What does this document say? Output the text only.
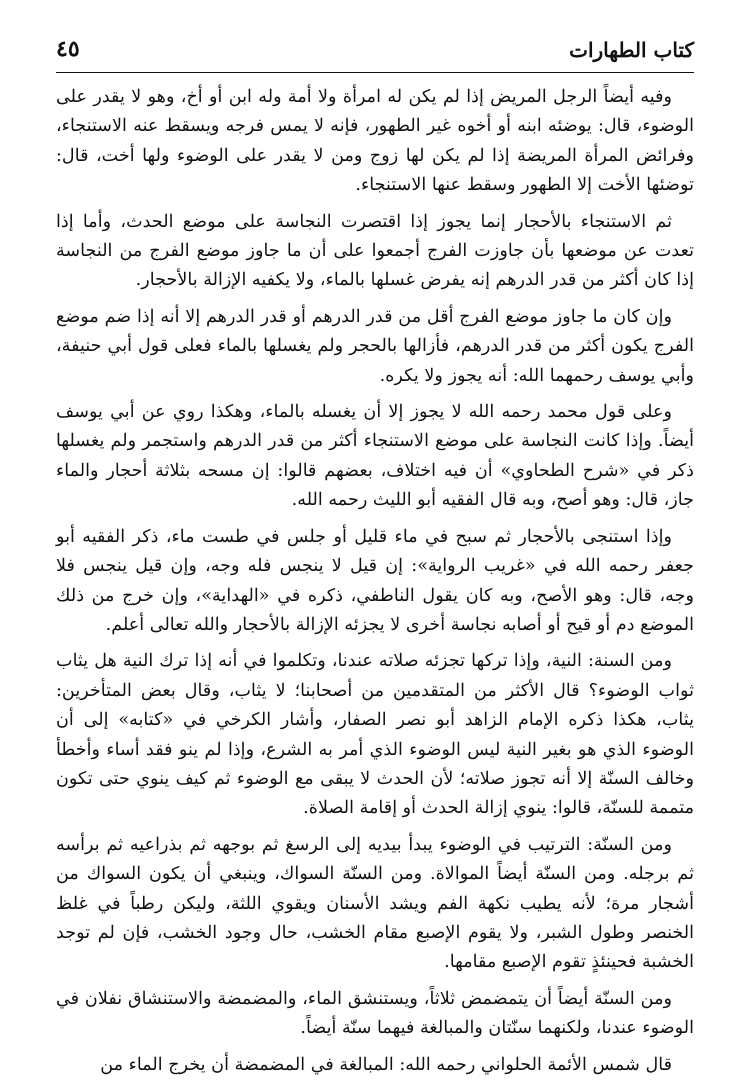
كتاب الطهارات
٤٥

وفيه أيضاً الرجل المريض إذا لم يكن له امرأة ولا أمة وله ابن أو أخ، وهو لا يقدر على الوضوء، قال: يوضئه ابنه أو أخوه غير الطهور، فإنه لا يمس فرجه ويسقط عنه الاستنجاء، وفرائض المرأة المريضة إذا لم يكن لها زوج ومن لا يقدر على الوضوء ولها أخت، قال: توضئها الأخت إلا الطهور وسقط عنها الاستنجاء.

ثم الاستنجاء بالأحجار إنما يجوز إذا اقتصرت النجاسة على موضع الحدث، وأما إذا تعدت عن موضعها بأن جاوزت الفرج أجمعوا على أن ما جاوز موضع الفرج من النجاسة إذا كان أكثر من قدر الدرهم إنه يفرض غسلها بالماء، ولا يكفيه الإزالة بالأحجار.

وإن كان ما جاوز موضع الفرج أقل من قدر الدرهم أو قدر الدرهم إلا أنه إذا ضم موضع الفرج يكون أكثر من قدر الدرهم، فأزالها بالحجر ولم يغسلها بالماء فعلى قول أبي حنيفة، وأبي يوسف رحمهما الله: أنه يجوز ولا يكره.

وعلى قول محمد رحمه الله لا يجوز إلا أن يغسله بالماء، وهكذا روي عن أبي يوسف أيضاً. وإذا كانت النجاسة على موضع الاستنجاء أكثر من قدر الدرهم واستجمر ولم يغسلها ذكر في «شرح الطحاوي» أن فيه اختلاف، بعضهم قالوا: إن مسحه بثلاثة أحجار والماء جاز، قال: وهو أصح، وبه قال الفقيه أبو الليث رحمه الله.

وإذا استنجى بالأحجار ثم سبح في ماء قليل أو جلس في طست ماء، ذكر الفقيه أبو جعفر رحمه الله في «غريب الرواية»: إن قيل لا ينجس فله وجه، وإن قيل ينجس فلا وجه، قال: وهو الأصح، وبه كان يقول الناطفي، ذكره في «الهداية»، وإن خرج من ذلك الموضع دم أو قيح أو أصابه نجاسة أخرى لا يجزئه الإزالة بالأحجار والله تعالى أعلم.

ومن السنة: النية، وإذا تركها تجزئه صلاته عندنا، وتكلموا في أنه إذا ترك النية هل يثاب ثواب الوضوء؟ قال الأكثر من المتقدمين من أصحابنا؛ لا يثاب، وقال بعض المتأخرين: يثاب، هكذا ذكره الإمام الزاهد أبو نصر الصفار، وأشار الكرخي في «كتابه» إلى أن الوضوء الذي هو بغير النية ليس الوضوء الذي أمر به الشرع، وإذا لم ينو فقد أساء وأخطأ وخالف السنّة إلا أنه تجوز صلاته؛ لأن الحدث لا يبقى مع الوضوء ثم كيف ينوي حتى تكون متممة للسنّة، قالوا: ينوي إزالة الحدث أو إقامة الصلاة.

ومن السنّة: الترتيب في الوضوء يبدأ بيديه إلى الرسغ ثم بوجهه ثم بذراعيه ثم برأسه ثم برجله. ومن السنّة أيضاً الموالاة. ومن السنّة السواك، وينبغي أن يكون السواك من أشجار مرة؛ لأنه يطيب نكهة الفم ويشد الأسنان ويقوي اللثة، وليكن رطباً في غلظ الخنصر وطول الشبر، ولا يقوم الإصبع مقام الخشب، حال وجود الخشب، فإن لم توجد الخشبة فحينئذٍ تقوم الإصبع مقامها.

ومن السنّة أيضاً أن يتمضمض ثلاثاً، ويستنشق الماء، والمضمضة والاستنشاق نفلان في الوضوء عندنا، ولكنهما سنّتان والمبالغة فيهما سنّة أيضاً.

قال شمس الأئمة الحلواني رحمه الله: المبالغة في المضمضة أن يخرج الماء من
